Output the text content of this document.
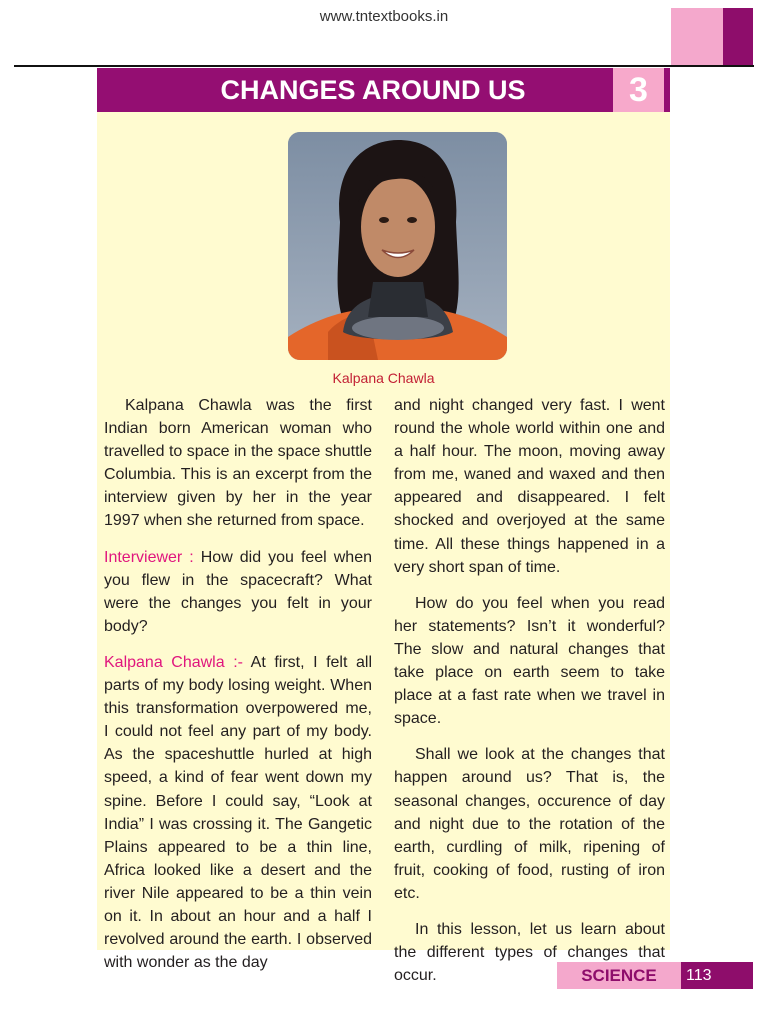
www.tntextbooks.in
CHANGES AROUND US	3
Kalpana Chawla

Kalpana Chawla was the first Indian born American woman who travelled to space in the space shuttle Columbia. This is an excerpt from the interview given by her in the year 1997 when she returned from space.

Interviewer : How did you feel when you flew in the spacecraft? What were the changes you felt in your body?

Kalpana Chawla :- At first, I felt all parts of my body losing weight. When this transformation overpowered me, I could not feel any part of my body. As the spaceshuttle hurled at high speed, a kind of fear went down my spine. Before I could say, “Look at India” I was crossing it. The Gangetic Plains appeared to be a thin line, Africa looked like a desert and the river Nile appeared to be a thin vein on it. In about an hour and a half I revolved around the earth. I observed with wonder as the day

and night changed very fast. I went round the whole world within one and a half hour. The moon, moving away from me, waned and waxed and then appeared and disappeared. I felt shocked and overjoyed at the same time. All these things happened in a very short span of time.

How do you feel when you read her statements? Isn’t it wonderful? The slow and natural changes that take place on earth seem to take place at a fast rate when we travel in space.

Shall we look at the changes that happen around us? That is, the seasonal changes, occurence of day and night due to the rotation of the earth, curdling of milk, ripening of fruit, cooking of food, rusting of iron etc.

In this lesson, let us learn about the different types of changes that occur.	SCIENCE	113
